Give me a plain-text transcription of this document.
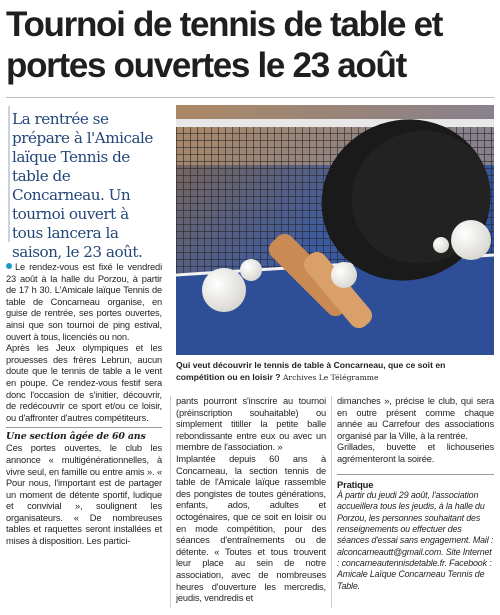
Tournoi de tennis de table et portes ouvertes le 23 août
La rentrée se prépare à l'Amicale laïque Tennis de table de Concarneau. Un tournoi ouvert à tous lancera la saison, le 23 août.
Qui veut découvrir le tennis de table à Concarneau, que ce soit en compétition ou en loisir ? Archives Le Télégramme

Le rendez-vous est fixé le vendredi 23 août à la halle du Porzou, à partir de 17 h 30. L'Amicale laïque Tennis de table de Concarneau organise, en guise de rentrée, ses portes ouvertes, ainsi que son tournoi de ping estival, ouvert à tous, licenciés ou non.

Après les Jeux olympiques et les prouesses des frères Lebrun, aucun doute que le tennis de table a le vent en poupe. Ce rendez-vous festif sera donc l'occasion de s'initier, découvrir, de redécouvrir ce sport et/ou ce loisir, ou d'affronter d'autres compétiteurs.

Une section âgée de 60 ans

Ces portes ouvertes, le club les annonce « multigénérationnelles, à vivre seul, en famille ou entre amis ». « Pour nous, l'important est de partager un moment de détente sportif, ludique et convivial », soulignent les organisateurs. « De nombreuses tables et raquettes seront installées et mises à disposition. Les partici-

pants pourront s'inscrire au tournoi (préinscription souhaitable) ou simplement titiller la petite balle rebondissante entre eux ou avec un membre de l'association. »

Implantée depuis 60 ans à Concarneau, la section tennis de table de l'Amicale laïque rassemble des pongistes de toutes générations, enfants, ados, adultes et octogénaires, que ce soit en loisir ou en mode compétition, pour des séances d'entraînements ou de détente. « Toutes et tous trouvent leur place au sein de notre association, avec de nombreuses heures d'ouverture les mercredis, jeudis, vendredis et

dimanches », précise le club, qui sera en outre présent comme chaque année au Carrefour des associations organisé par la Ville, à la rentrée.

Grillades, buvette et lichouseries agrémenteront la soirée.

Pratique

À partir du jeudi 29 août, l'association accueillera tous les jeudis, à la halle du Porzou, les personnes souhaitant des renseignements ou effectuer des séances d'essai sans engagement. Mail : alconcarneautt@gmail.com. Site Internet : concarneautennisdetable.fr. Facebook : Amicale Laïque Concarneau Tennis de Table.
